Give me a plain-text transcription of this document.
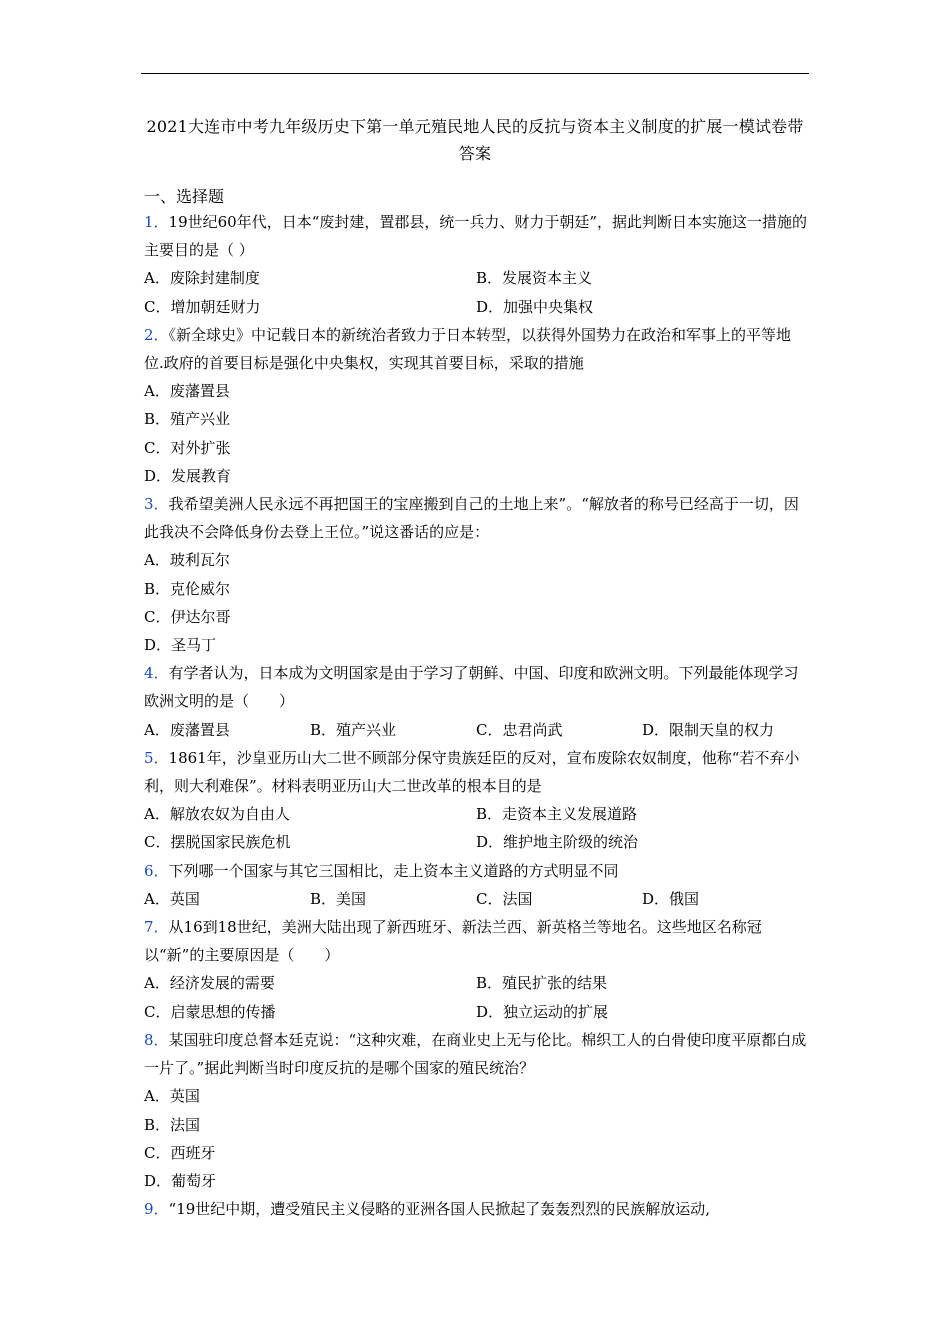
2021大连市中考九年级历史下第一单元殖民地人民的反抗与资本主义制度的扩展一模试卷带答案
一、选择题

1．19世纪60年代，日本“废封建，置郡县，统一兵力、财力于朝廷”，据此判断日本实施这一措施的主要目的是（ ）

A．废除封建制度	B．发展资本主义
C．增加朝廷财力	D．加强中央集权

2．《新全球史》中记载日本的新统治者致力于日本转型，以获得外国势力在政治和军事上的平等地位.政府的首要目标是强化中央集权，实现其首要目标，采取的措施

A．废藩置县

B．殖产兴业

C．对外扩张

D．发展教育

3．我希望美洲人民永远不再把国王的宝座搬到自己的土地上来”。“解放者的称号已经高于一切，因此我决不会降低身份去登上王位。”说这番话的应是：

A．玻利瓦尔

B．克伦威尔

C．伊达尔哥

D．圣马丁

4．有学者认为，日本成为文明国家是由于学习了朝鲜、中国、印度和欧洲文明。下列最能体现学习欧洲文明的是（　　）

A．废藩置县	B．殖产兴业	C．忠君尚武	D．限制天皇的权力

5．1861年，沙皇亚历山大二世不顾部分保守贵族廷臣的反对，宣布废除农奴制度，他称“若不弃小利，则大利难保”。材料表明亚历山大二世改革的根本目的是

A．解放农奴为自由人	B．走资本主义发展道路
C．摆脱国家民族危机	D．维护地主阶级的统治

6．下列哪一个国家与其它三国相比，走上资本主义道路的方式明显不同

A．英国	B．美国	C．法国	D．俄国

7．从16到18世纪，美洲大陆出现了新西班牙、新法兰西、新英格兰等地名。这些地区名称冠以“新”的主要原因是（　　）

A．经济发展的需要	B．殖民扩张的结果
C．启蒙思想的传播	D．独立运动的扩展

8．某国驻印度总督本廷克说：“这种灾难，在商业史上无与伦比。棉织工人的白骨使印度平原都白成一片了。”据此判断当时印度反抗的是哪个国家的殖民统治？

A．英国

B．法国

C．西班牙

D．葡萄牙

9．“19世纪中期，遭受殖民主义侵略的亚洲各国人民掀起了轰轰烈烈的民族解放运动,
